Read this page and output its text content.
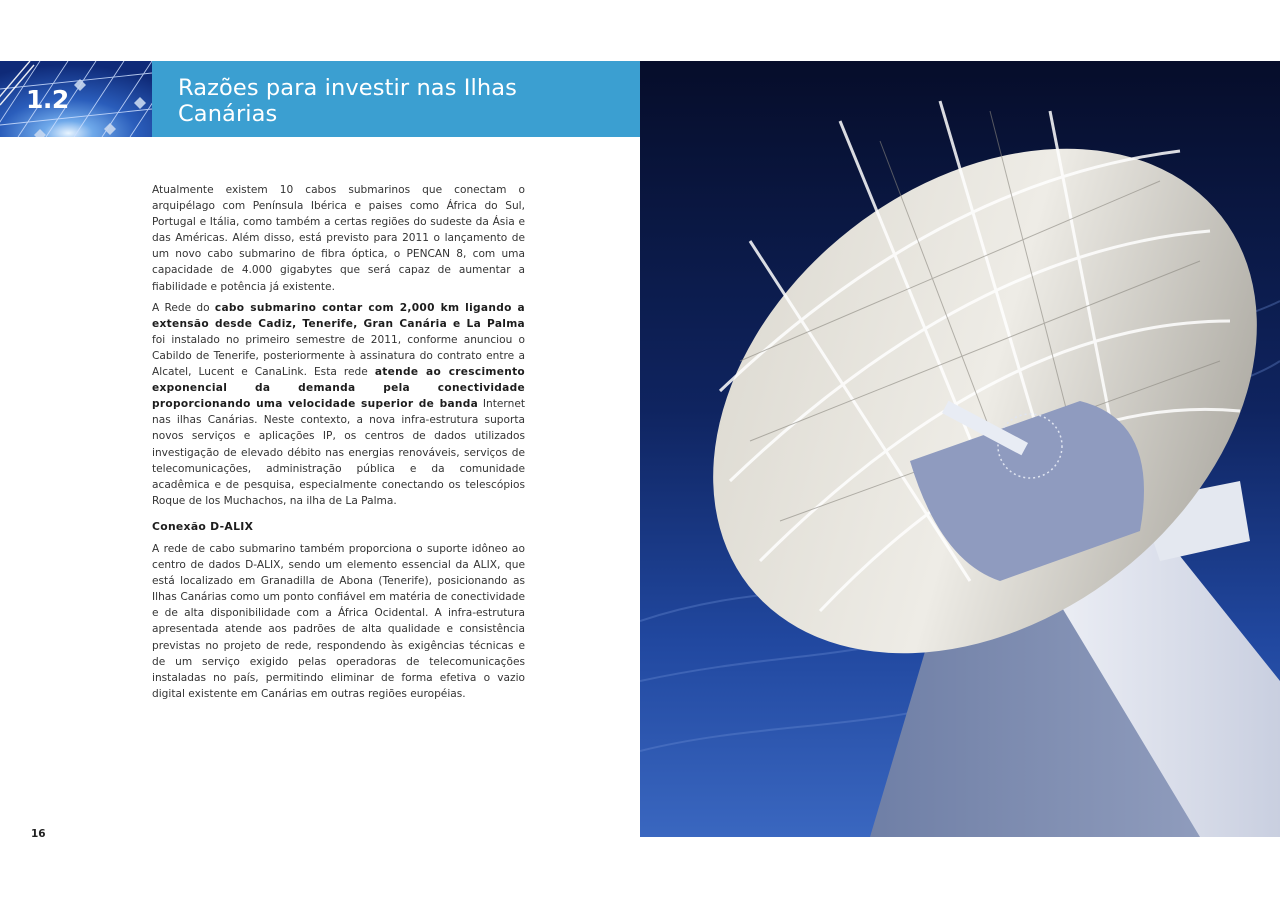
1.2	Razões para investir nas Ilhas
Canárias

Atualmente existem 10 cabos submarinos que conectam o arquipélago com Península Ibérica e paises como África do Sul, Portugal e Itália, como também a certas regiões do sudeste da Ásia e das Américas. Além disso, está previsto para 2011 o lançamento de um novo cabo submarino de fibra óptica, o PENCAN 8, com uma capacidade de 4.000 gigabytes que será capaz de aumentar a fiabilidade e potência já existente.

A Rede do cabo submarino contar com 2,000 km ligando a extensão desde Cadiz, Tenerife, Gran Canária e La Palma foi instalado no primeiro semestre de 2011, conforme anunciou o Cabildo de Tenerife, posteriormente à assinatura do contrato entre a Alcatel, Lucent e CanaLink. Esta rede atende ao crescimento exponencial da demanda pela conectividade proporcionando uma velocidade superior de banda Internet nas ilhas Canárias. Neste contexto, a nova infra-estrutura suporta novos serviços e aplicações IP, os centros de dados utilizados investigação de elevado débito nas energias renováveis, serviços de telecomunicações, administração pública e da comunidade acadêmica e de pesquisa, especialmente conectando os telescópios Roque de los Muchachos, na ilha de La Palma.

Conexão D-ALIX

A rede de cabo submarino também proporciona o suporte idôneo ao centro de dados D-ALIX, sendo um elemento essencial da ALIX, que está localizado em Granadilla de Abona (Tenerife), posicionando as Ilhas Canárias como um ponto confiável em matéria de conectividade e de alta disponibilidade com a África Ocidental. A infra-estrutura apresentada atende aos padrões de alta qualidade e consistência previstas no projeto de rede, respondendo às exigências técnicas e de um serviço exigido pelas operadoras de telecomunicações instaladas no país, permitindo eliminar de forma efetiva o vazio digital existente em Canárias em outras regiões européias.

16
